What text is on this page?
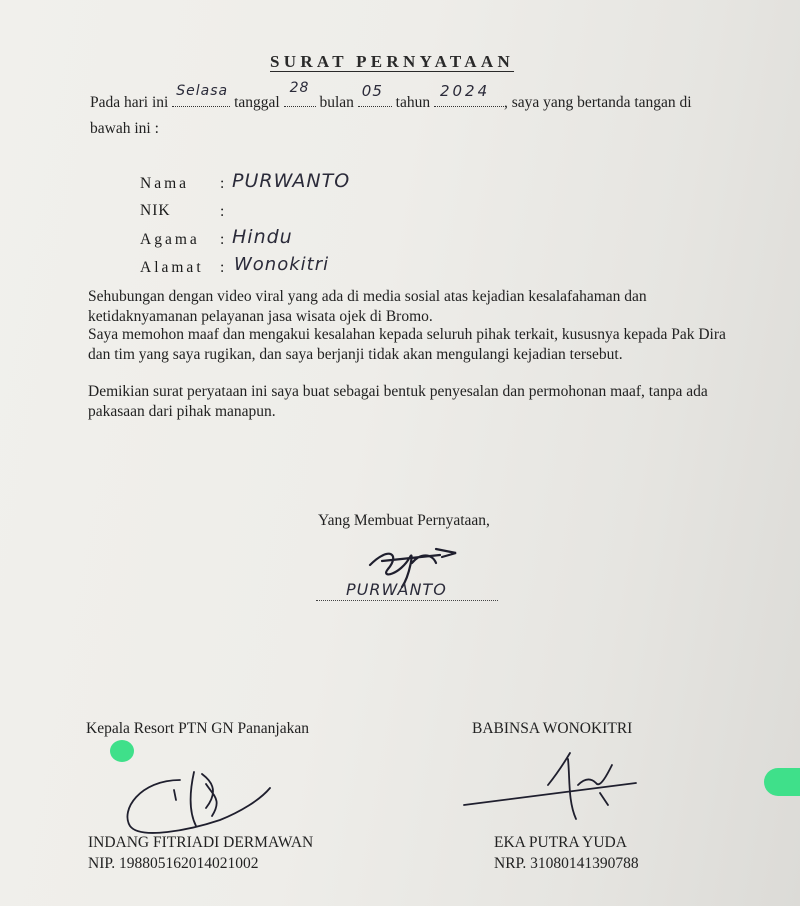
SURAT PERNYATAAN
Pada hari ini
Selasa
tanggal
28
bulan
05
tahun
2024
, saya yang bertanda tangan di
bawah ini :
Nama
NIK
Agama
Alamat
:
:
:
:
PURWANTO
Hindu
Wonokitri

Sehubungan dengan video viral yang ada di media sosial atas kejadian kesalafahaman dan ketidaknyamanan pelayanan jasa wisata ojek di Bromo.

Saya memohon maaf dan mengakui kesalahan kepada seluruh pihak terkait, kususnya kepada Pak Dira dan tim yang saya rugikan, dan saya berjanji tidak akan mengulangi kejadian tersebut.

Demikian surat peryataan ini saya buat sebagai bentuk penyesalan dan permohonan maaf, tanpa ada pakasaan dari pihak manapun.

Yang Membuat Pernyataan,
PURWANTO
Kepala Resort PTN GN Pananjakan
INDANG FITRIADI DERMAWAN
NIP. 198805162014021002
BABINSA WONOKITRI
EKA PUTRA YUDA
NRP. 31080141390788
